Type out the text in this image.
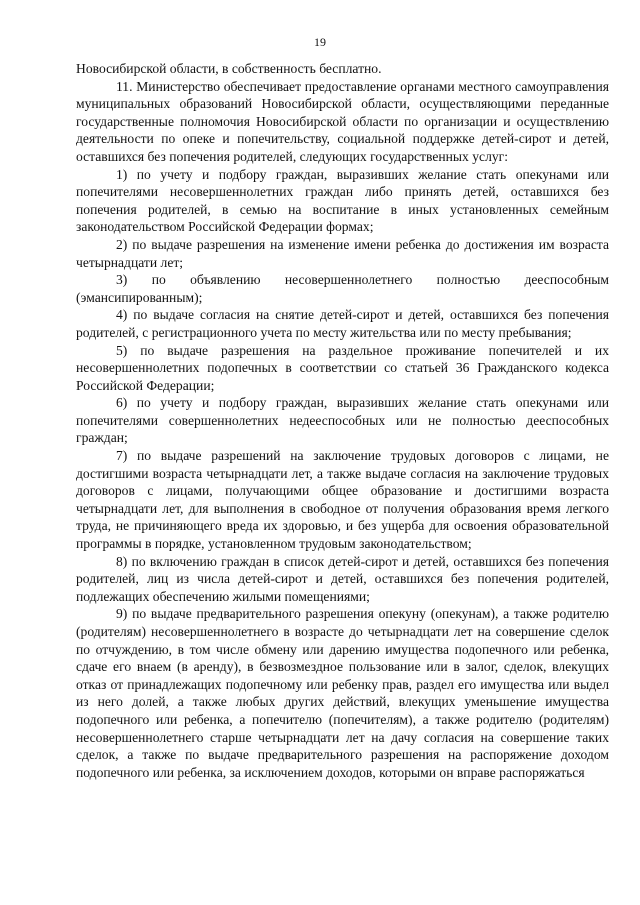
19

Новосибирской области, в собственность бесплатно.

11. Министерство обеспечивает предоставление органами местного самоуправления муниципальных образований Новосибирской области, осуществляющими переданные государственные полномочия Новосибирской области по организации и осуществлению деятельности по опеке и попечительству, социальной поддержке детей-сирот и детей, оставшихся без попечения родителей, следующих государственных услуг:

1) по учету и подбору граждан, выразивших желание стать опекунами или попечителями несовершеннолетних граждан либо принять детей, оставшихся без попечения родителей, в семью на воспитание в иных установленных семейным законодательством Российской Федерации формах;

2) по выдаче разрешения на изменение имени ребенка до достижения им возраста четырнадцати лет;

3) по объявлению несовершеннолетнего полностью дееспособным (эмансипированным);

4) по выдаче согласия на снятие детей-сирот и детей, оставшихся без попечения родителей, с регистрационного учета по месту жительства или по месту пребывания;

5) по выдаче разрешения на раздельное проживание попечителей и их несовершеннолетних подопечных в соответствии со статьей 36 Гражданского кодекса Российской Федерации;

6) по учету и подбору граждан, выразивших желание стать опекунами или попечителями совершеннолетних недееспособных или не полностью дееспособных граждан;

7) по выдаче разрешений на заключение трудовых договоров с лицами, не достигшими возраста четырнадцати лет, а также выдаче согласия на заключение трудовых договоров с лицами, получающими общее образование и достигшими возраста четырнадцати лет, для выполнения в свободное от получения образования время легкого труда, не причиняющего вреда их здоровью, и без ущерба для освоения образовательной программы в порядке, установленном трудовым законодательством;

8) по включению граждан в список детей-сирот и детей, оставшихся без попечения родителей, лиц из числа детей-сирот и детей, оставшихся без попечения родителей, подлежащих обеспечению жилыми помещениями;

9) по выдаче предварительного разрешения опекуну (опекунам), а также родителю (родителям) несовершеннолетнего в возрасте до четырнадцати лет на совершение сделок по отчуждению, в том числе обмену или дарению имущества подопечного или ребенка, сдаче его внаем (в аренду), в безвозмездное пользование или в залог, сделок, влекущих отказ от принадлежащих подопечному или ребенку прав, раздел его имущества или выдел из него долей, а также любых других действий, влекущих уменьшение имущества подопечного или ребенка, а попечителю (попечителям), а также родителю (родителям) несовершеннолетнего старше четырнадцати лет на дачу согласия на совершение таких сделок, а также по выдаче предварительного разрешения на распоряжение доходом подопечного или ребенка, за исключением доходов, которыми он вправе распоряжаться
